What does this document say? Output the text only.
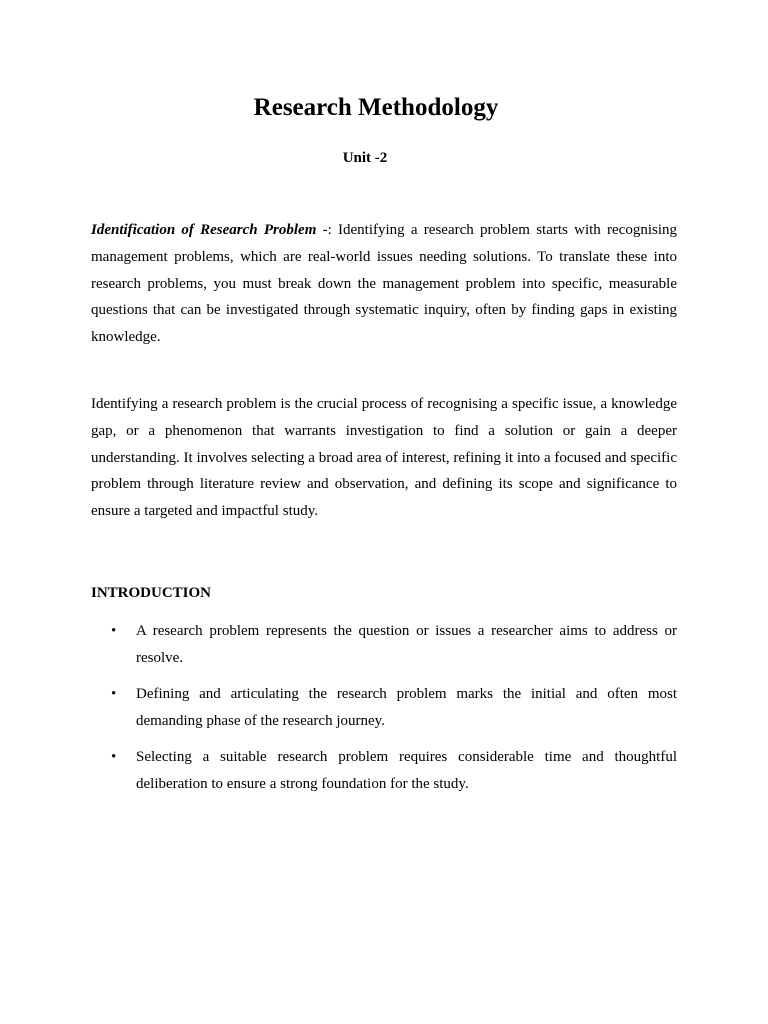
Research Methodology
Unit -2

Identification of Research Problem -: Identifying a research problem starts with recognising management problems, which are real-world issues needing solutions. To translate these into research problems, you must break down the management problem into specific, measurable questions that can be investigated through systematic inquiry, often by finding gaps in existing knowledge.

Identifying a research problem is the crucial process of recognising a specific issue, a knowledge gap, or a phenomenon that warrants investigation to find a solution or gain a deeper understanding. It involves selecting a broad area of interest, refining it into a focused and specific problem through literature review and observation, and defining its scope and significance to ensure a targeted and impactful study.

INTRODUCTION
• A research problem represents the question or issues a researcher aims to address or resolve.
• Defining and articulating the research problem marks the initial and often most demanding phase of the research journey.
• Selecting a suitable research problem requires considerable time and thoughtful deliberation to ensure a strong foundation for the study.
